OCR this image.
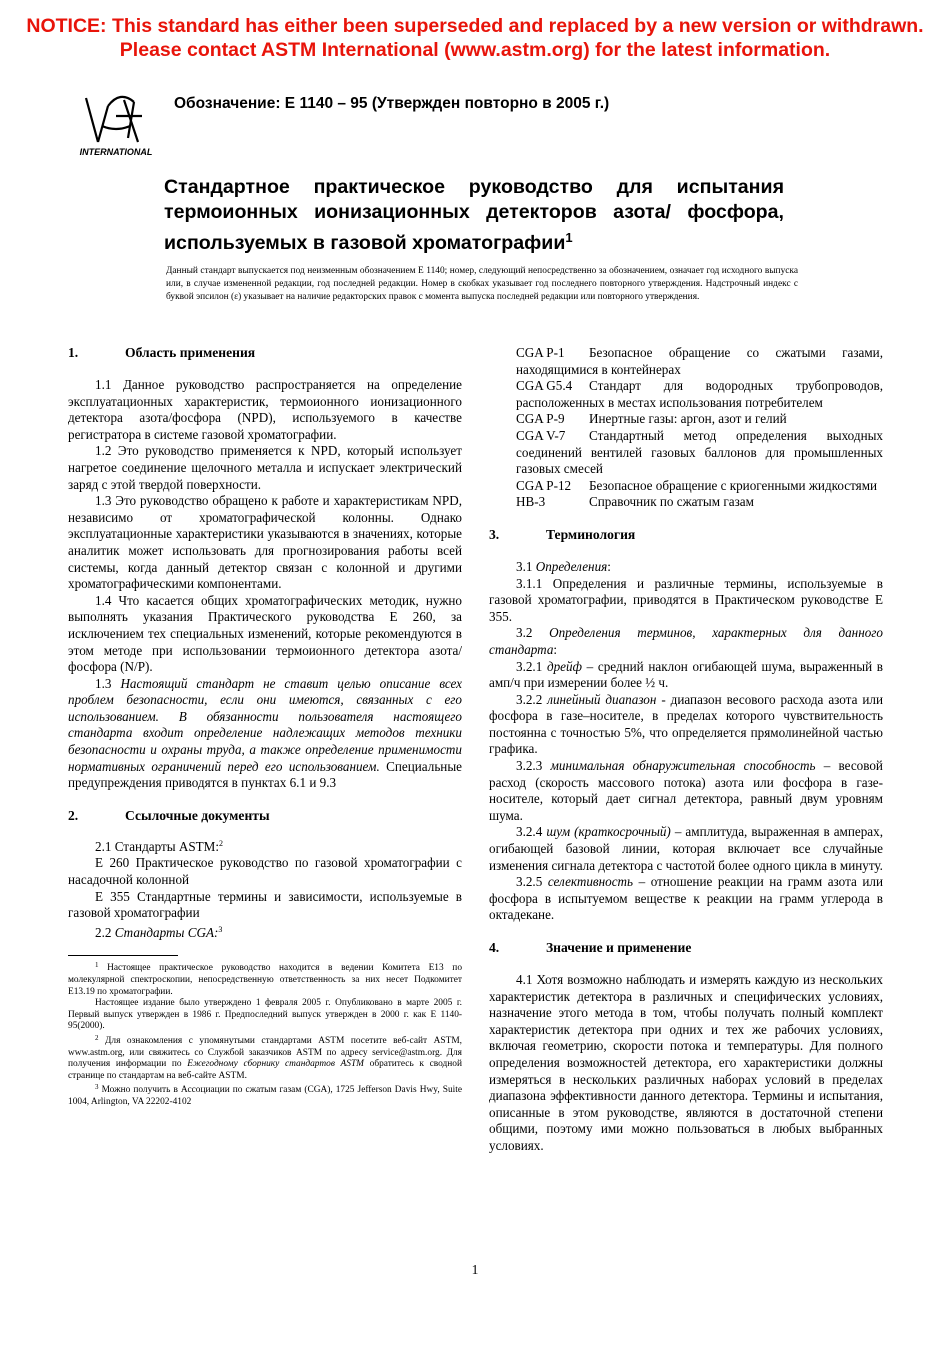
NOTICE: This standard has either been superseded and replaced by a new version or withdrawn.
Please contact ASTM International (www.astm.org) for the latest information.
INTERNATIONAL
Обозначение: E 1140 – 95 (Утвержден повторно в 2005 г.)
Стандартное практическое руководство для испытания термоионных ионизационных детекторов азота/ фосфора, используемых в газовой хроматографии$^1$
Данный стандарт выпускается под неизменным обозначением E 1140; номер, следующий непосредственно за обозначением, означает год исходного выпуска или, в случае измененной редакции, год последней редакции. Номер в скобках указывает год последнего повторного утверждения. Надстрочный индекс с буквой эпсилон (ε) указывает на наличие редакторских правок с момента выпуска последней редакции или повторного утверждения.
1.	Область применения

1.1 Данное руководство распространяется на определение эксплуатационных характеристик, термоионного ионизационного детектора азота/фосфора (NPD), используемого в качестве регистратора в системе газовой хроматографии.

1.2 Это руководство применяется к NPD, который использует нагретое соединение щелочного металла и испускает электрический заряд с этой твердой поверхности.

1.3 Это руководство обращено к работе и характеристикам NPD, независимо от хроматографической колонны. Однако эксплуатационные характеристики указываются в значениях, которые аналитик может использовать для прогнозирования работы всей системы, когда данный детектор связан с колонной и другими хроматографическими компонентами.

1.4 Что касается общих хроматографических методик, нужно выполнять указания Практического руководства E 260, за исключением тех специальных изменений, которые рекомендуются в этом методе при использовании термоионного детектора азота/фосфора (N/P).

1.3 Настоящий стандарт не ставит целью описание всех проблем безопасности, если они имеются, связанных с его использованием. В обязанности пользователя настоящего стандарта входит определение надлежащих методов техники безопасности и охраны труда, а также определение применимости нормативных ограничений перед его использованием. Специальные предупреждения приводятся в пунктах 6.1 и 9.3

2.	Ссылочные документы

2.1 Стандарты ASTM:$^2$

E 260 Практическое руководство по газовой хроматографии с насадочной колонной

E 355 Стандартные термины и зависимости, используемые в газовой хроматографии

2.2 Стандарты CGA:$^3$

$^1$ Настоящее практическое руководство находится в ведении Комитета E13 по молекулярной спектроскопии, непосредственную ответственность за них несет Подкомитет E13.19 по хроматографии.

Настоящее издание было утверждено 1 февраля 2005 г. Опубликовано в марте 2005 г. Первый выпуск утвержден в 1986 г. Предпоследний выпуск утвержден в 2000 г. как E 1140-95(2000).

$^2$ Для ознакомления с упомянутыми стандартами ASTM посетите веб-сайт ASTM, www.astm.org, или свяжитесь со Службой заказчиков ASTM по адресу service@astm.org. Для получения информации по Ежегодному сборнику стандартов ASTM обратитесь к сводной странице по стандартам на веб-сайте ASTM.

$^3$ Можно получить в Ассоциации по сжатым газам (CGA), 1725 Jefferson Davis Hwy, Suite 1004, Arlington, VA 22202-4102

CGA P-1 Безопасное обращение со сжатыми газами, находящимися в контейнерах
CGA G5.4 Стандарт для водородных трубопроводов, расположенных в местах использования потребителем
CGA P-9 Инертные газы: аргон, азот и гелий
CGA V-7 Стандартный метод определения выходных соединений вентилей газовых баллонов для промышленных газовых смесей
CGA P-12 Безопасное обращение с криогенными жидкостями
HB-3	Справочник по сжатым газам
3.	Терминология

3.1 Определения:

3.1.1 Определения и различные термины, используемые в газовой хроматографии, приводятся в Практическом руководстве E 355.

3.2 Определения терминов, характерных для данного стандарта:

3.2.1 дрейф – средний наклон огибающей шума, выраженный в амп/ч при измерении более ½ ч.

3.2.2 линейный диапазон - диапазон весового расхода азота или фосфора в газе–носителе, в пределах которого чувствительность постоянна с точностью 5%, что определяется прямолинейной частью графика.

3.2.3 минимальная обнаружительная способность – весовой расход (скорость массового потока) азота или фосфора в газе-носителе, который дает сигнал детектора, равный двум уровням шума.

3.2.4 шум (краткосрочный) – амплитуда, выраженная в амперах, огибающей базовой линии, которая включает все случайные изменения сигнала детектора с частотой более одного цикла в минуту.

3.2.5 селективность – отношение реакции на грамм азота или фосфора в испытуемом веществе к реакции на грамм углерода в октадекане.

4.	Значение и применение

4.1 Хотя возможно наблюдать и измерять каждую из нескольких характеристик детектора в различных и специфических условиях, назначение этого метода в том, чтобы получать полный комплект характеристик детектора при одних и тех же рабочих условиях, включая геометрию, скорости потока и температуры. Для полного определения возможностей детектора, его характеристики должны измеряться в нескольких различных наборах условий в пределах диапазона эффективности данного детектора. Термины и испытания, описанные в этом руководстве, являются в достаточной степени общими, поэтому ими можно пользоваться в любых выбранных условиях.

1
